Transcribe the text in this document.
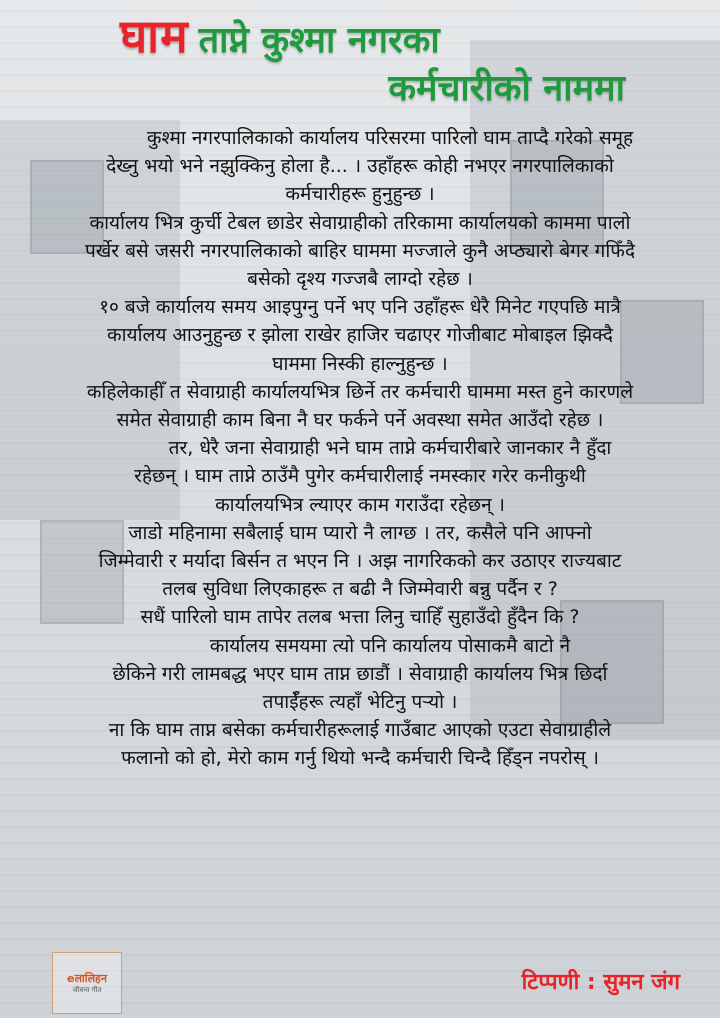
घाम ताप्ने कुश्मा नगरका
कर्मचारीको नाममा
कुश्मा नगरपालिकाको कार्यालय परिसरमा पारिलो घाम ताप्दै गरेको समूह
देख्नु भयो भने नझुक्किनु होला है... । उहाँहरू कोही नभएर नगरपालिकाको
कर्मचारीहरू हुनुहुन्छ ।
कार्यालय भित्र कुर्ची टेबल छाडेर सेवाग्राहीको तरिकामा कार्यालयको काममा पालो
पर्खेर बसे जसरी नगरपालिकाको बाहिर घाममा मज्जाले कुनै अप्ठ्यारो बेगर गफिँदै
बसेको दृश्य गज्जबै लाग्दो रहेछ ।
१० बजे कार्यालय समय आइपुग्नु पर्ने भए पनि उहाँहरू धेरै मिनेट गएपछि मात्रै
कार्यालय आउनुहुन्छ र झोला राखेर हाजिर चढाएर गोजीबाट मोबाइल झिक्दै
घाममा निस्की हाल्नुहुन्छ ।
कहिलेकाहीँ त सेवाग्राही कार्यालयभित्र छिर्ने तर कर्मचारी घाममा मस्त हुने कारणले
समेत सेवाग्राही काम बिना नै घर फर्कने पर्ने अवस्था समेत आउँदो रहेछ ।
तर, धेरै जना सेवाग्राही भने घाम ताप्ने कर्मचारीबारे जानकार नै हुँदा
रहेछन् । घाम ताप्ने ठाउँमै पुगेर कर्मचारीलाई नमस्कार गरेर कनीकुथी
कार्यालयभित्र ल्याएर काम गराउँदा रहेछन् ।
जाडो महिनामा सबैलाई घाम प्यारो नै लाग्छ । तर, कसैले पनि आफ्नो
जिम्मेवारी र मर्यादा बिर्सन त भएन नि । अझ नागरिकको कर उठाएर राज्यबाट
तलब सुविधा लिएकाहरू त बढी नै जिम्मेवारी बन्नु पर्दैन र ?
सधैं पारिलो घाम तापेर तलब भत्ता लिनु चाहिँ सुहाउँदो हुँदैन कि ?
कार्यालय समयमा त्यो पनि कार्यालय पोसाकमै बाटो नै
छेकिने गरी लामबद्ध भएर घाम ताप्न छाडौं । सेवाग्राही कार्यालय भित्र छिर्दा
तपाईँहरू त्यहाँ भेटिनु पर्‍यो ।
ना कि घाम ताप्न बसेका कर्मचारीहरूलाई गाउँबाट आएको एउटा सेवाग्राहीले
फलानो को हो, मेरो काम गर्नु थियो भन्दै कर्मचारी चिन्दै हिँड्न नपरोस् ।
eलालिहन
जीवन्त गीत	टिप्पणी : सुमन जंग
